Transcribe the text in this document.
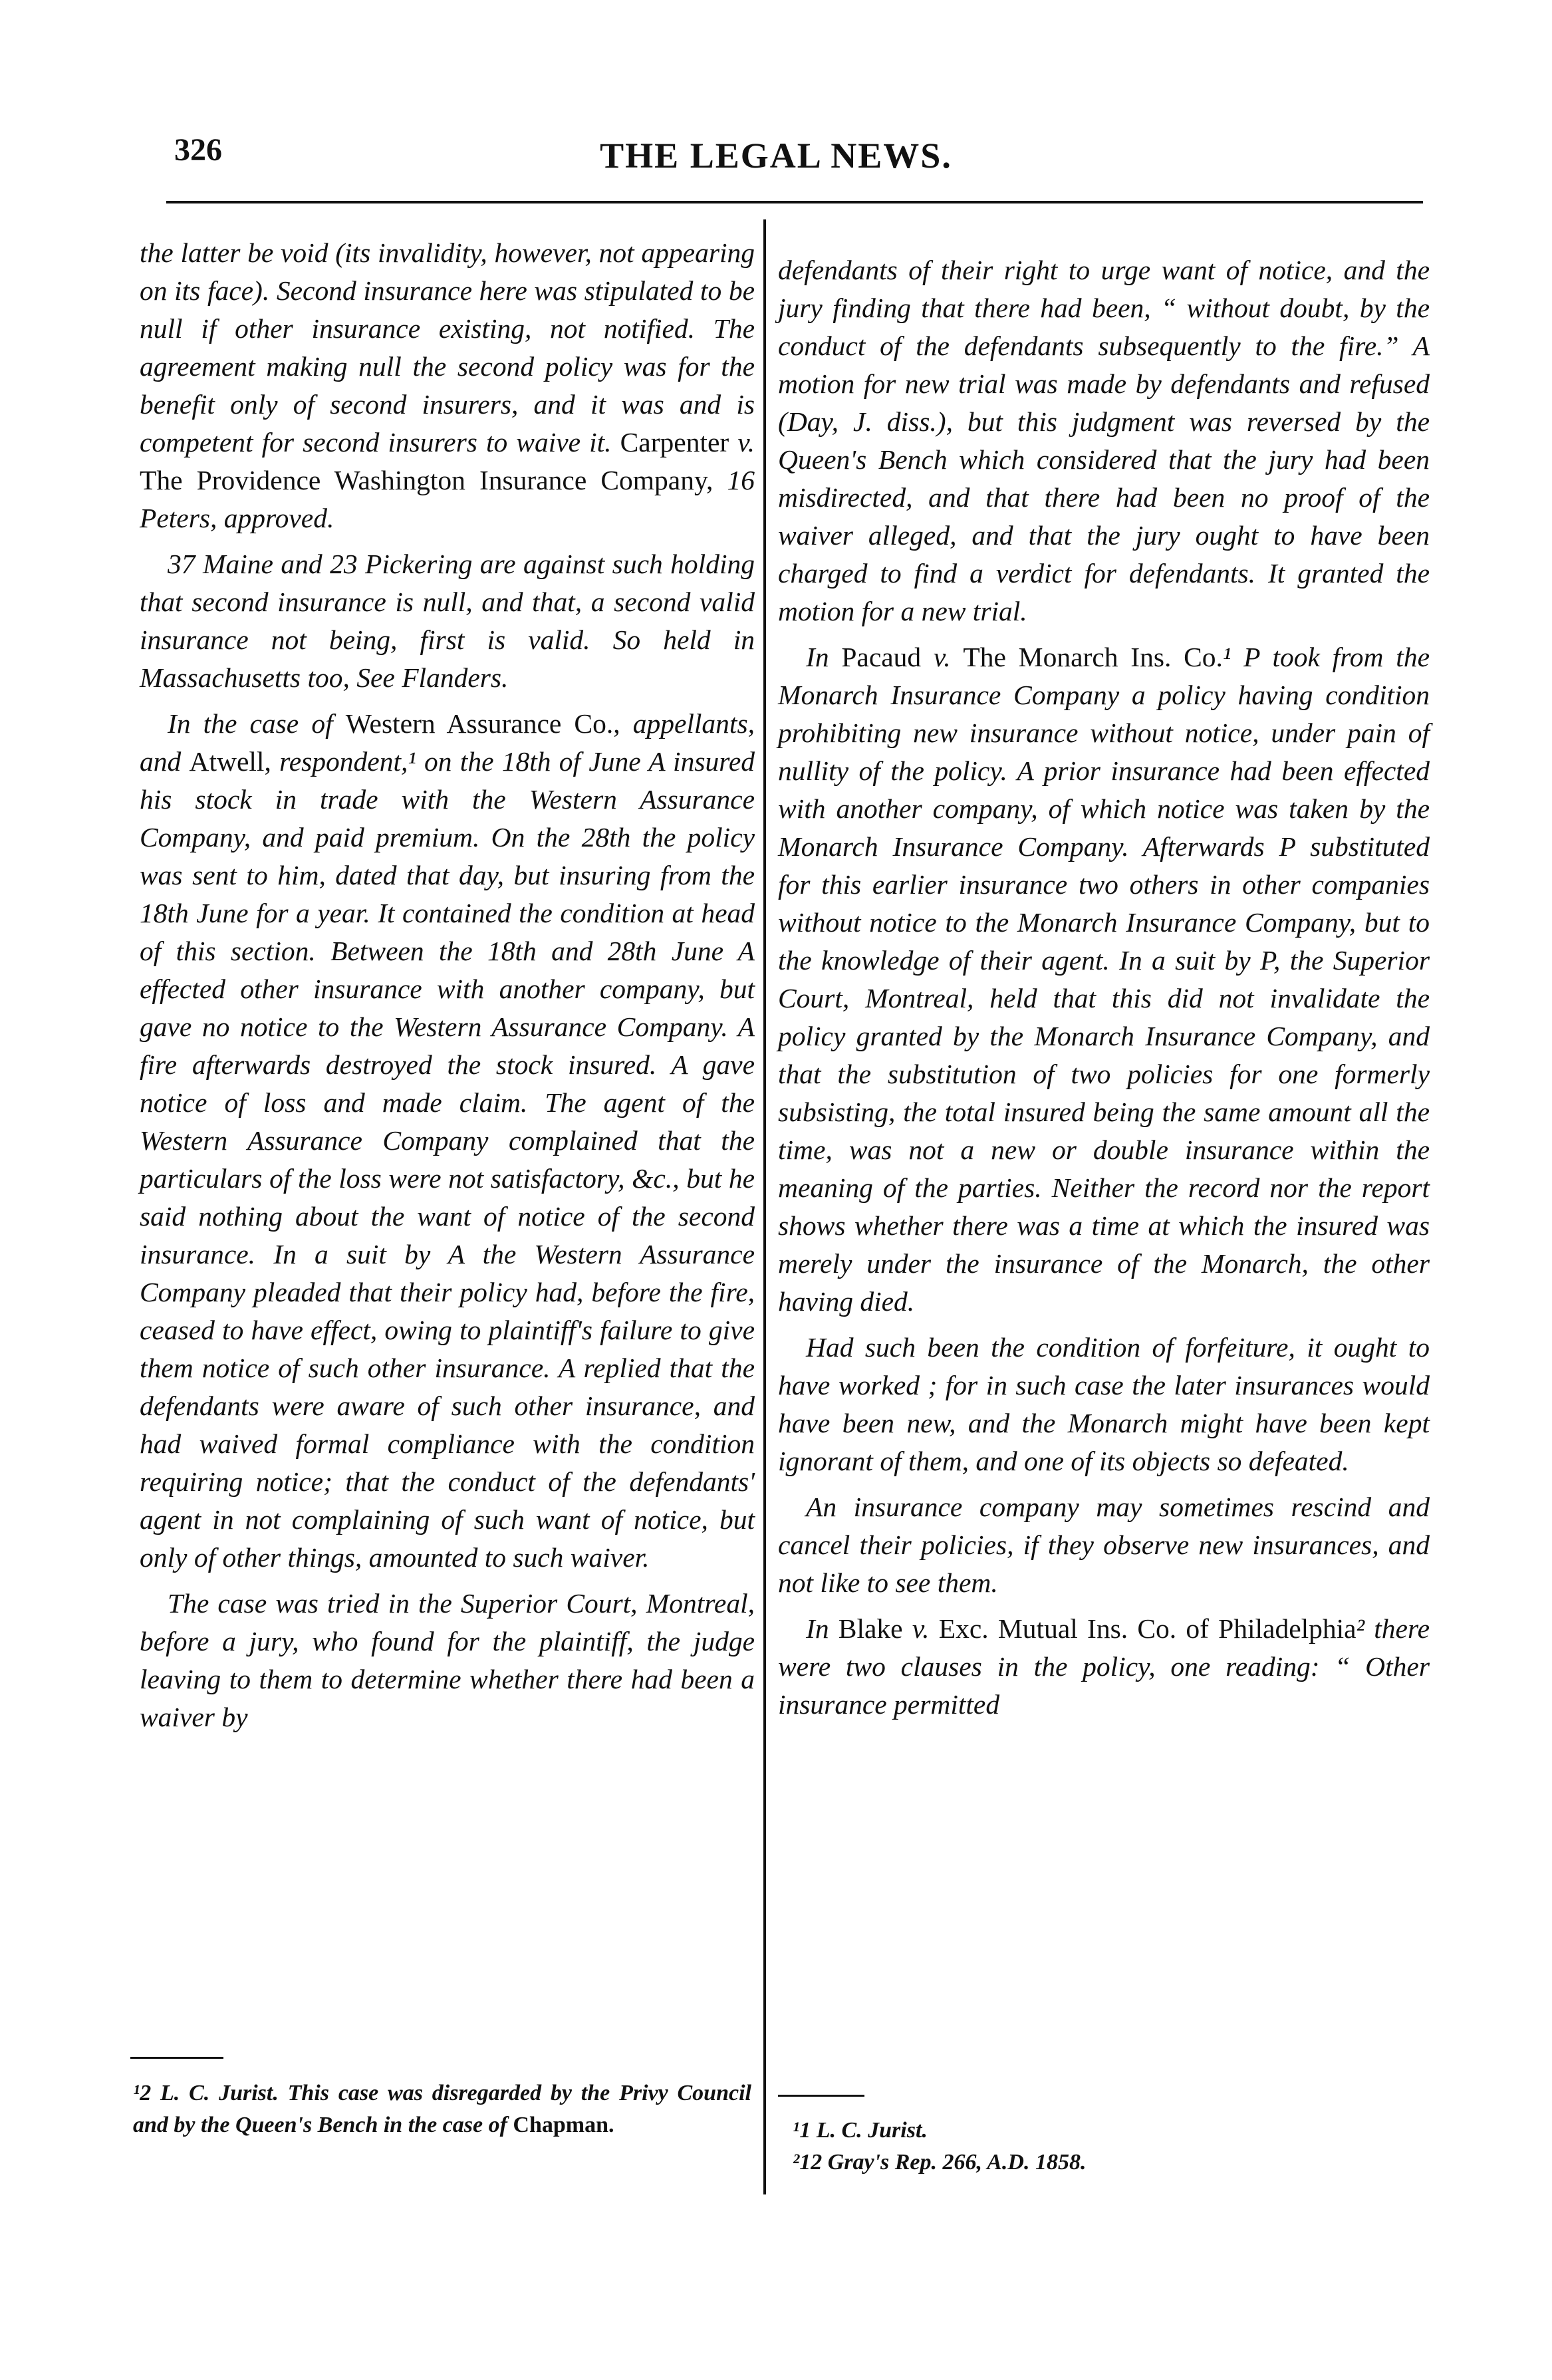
326	THE LEGAL NEWS.

the latter be void (its invalidity, however, not appearing on its face). Second insurance here was stipulated to be null if other insurance existing, not notified. The agreement making null the second policy was for the benefit only of second insurers, and it was and is competent for second insurers to waive it. Carpenter v. The Providence Washington Insurance Company, 16 Peters, approved.

37 Maine and 23 Pickering are against such holding that second insurance is null, and that, a second valid insurance not being, first is valid. So held in Massachusetts too, See Flanders.

In the case of Western Assurance Co., appellants, and Atwell, respondent,¹ on the 18th of June A insured his stock in trade with the Western Assurance Company, and paid premium. On the 28th the policy was sent to him, dated that day, but insuring from the 18th June for a year. It contained the condition at head of this section. Between the 18th and 28th June A effected other insurance with another company, but gave no notice to the Western Assurance Company. A fire afterwards destroyed the stock insured. A gave notice of loss and made claim. The agent of the Western Assurance Company complained that the particulars of the loss were not satisfactory, &c., but he said nothing about the want of notice of the second insurance. In a suit by A the Western Assurance Company pleaded that their policy had, before the fire, ceased to have effect, owing to plaintiff's failure to give them notice of such other insurance. A replied that the defendants were aware of such other insurance, and had waived formal compliance with the condition requiring notice; that the conduct of the defendants' agent in not complaining of such want of notice, but only of other things, amounted to such waiver.

The case was tried in the Superior Court, Montreal, before a jury, who found for the plaintiff, the judge leaving to them to determine whether there had been a waiver by

defendants of their right to urge want of notice, and the jury finding that there had been, “ without doubt, by the conduct of the defendants subsequently to the fire.” A motion for new trial was made by defendants and refused (Day, J. diss.), but this judgment was reversed by the Queen's Bench which considered that the jury had been misdirected, and that there had been no proof of the waiver alleged, and that the jury ought to have been charged to find a verdict for defendants. It granted the motion for a new trial.

In Pacaud v. The Monarch Ins. Co.¹ P took from the Monarch Insurance Company a policy having condition prohibiting new insurance without notice, under pain of nullity of the policy. A prior insurance had been effected with another company, of which notice was taken by the Monarch Insurance Company. Afterwards P substituted for this earlier insurance two others in other companies without notice to the Monarch Insurance Company, but to the knowledge of their agent. In a suit by P, the Superior Court, Montreal, held that this did not invalidate the policy granted by the Monarch Insurance Company, and that the substitution of two policies for one formerly subsisting, the total insured being the same amount all the time, was not a new or double insurance within the meaning of the parties. Neither the record nor the report shows whether there was a time at which the insured was merely under the insurance of the Monarch, the other having died.

Had such been the condition of forfeiture, it ought to have worked ; for in such case the later insurances would have been new, and the Monarch might have been kept ignorant of them, and one of its objects so defeated.

An insurance company may sometimes rescind and cancel their policies, if they observe new insurances, and not like to see them.

In Blake v. Exc. Mutual Ins. Co. of Philadelphia² there were two clauses in the policy, one reading: “ Other insurance permitted

¹2 L. C. Jurist. This case was disregarded by the Privy Council and by the Queen's Bench in the case of Chapman.	¹1 L. C. Jurist.

²12 Gray's Rep. 266, A.D. 1858.
